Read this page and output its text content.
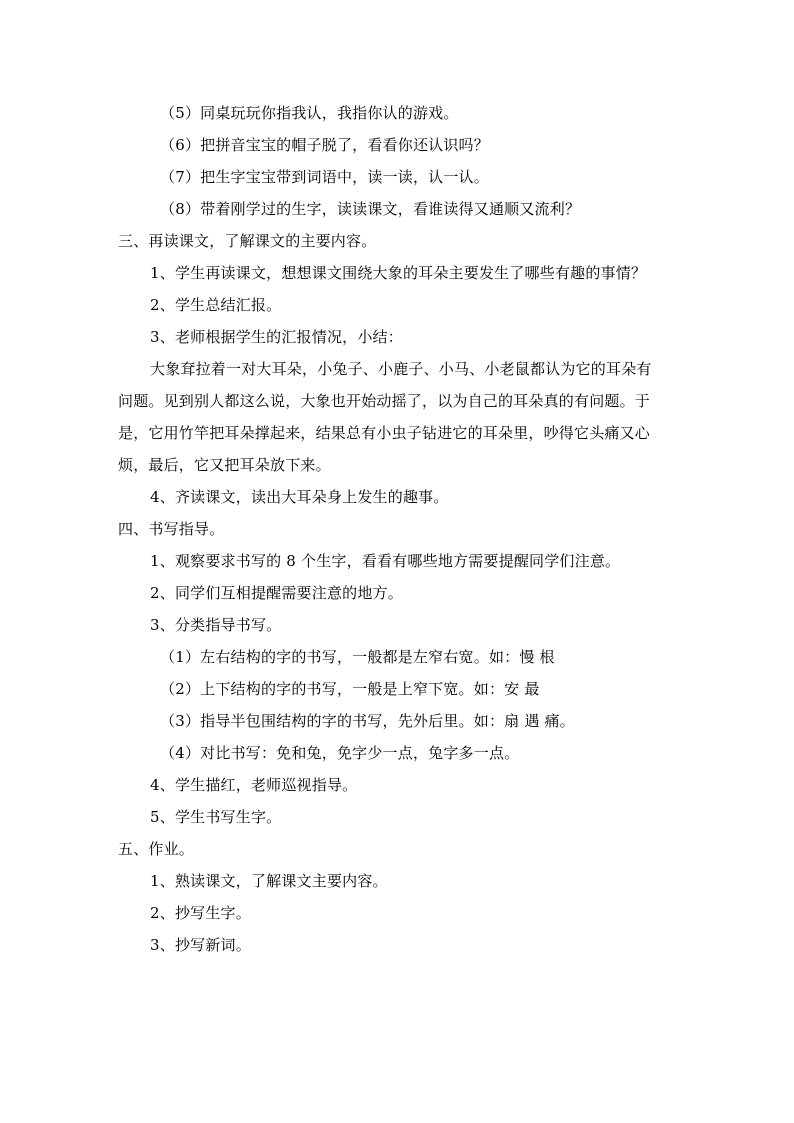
（5）同桌玩玩你指我认，我指你认的游戏。
（6）把拼音宝宝的帽子脱了，看看你还认识吗？
（7）把生字宝宝带到词语中，读一读，认一认。
（8）带着刚学过的生字，读读课文，看谁读得又通顺又流利？
三、再读课文，了解课文的主要内容。
1、学生再读课文，想想课文围绕大象的耳朵主要发生了哪些有趣的事情？
2、学生总结汇报。
3、老师根据学生的汇报情况，小结：
大象耷拉着一对大耳朵，小兔子、小鹿子、小马、小老鼠都认为它的耳朵有
问题。见到别人都这么说，大象也开始动摇了，以为自己的耳朵真的有问题。于
是，它用竹竿把耳朵撑起来，结果总有小虫子钻进它的耳朵里，吵得它头痛又心
烦，最后，它又把耳朵放下来。
4、齐读课文，读出大耳朵身上发生的趣事。
四、书写指导。
1、观察要求书写的 8 个生字，看看有哪些地方需要提醒同学们注意。
2、同学们互相提醒需要注意的地方。
3、分类指导书写。
（1）左右结构的字的书写，一般都是左窄右宽。如：慢 根
（2）上下结构的字的书写，一般是上窄下宽。如：安 最
（3）指导半包围结构的字的书写，先外后里。如：扇 遇 痛。
（4）对比书写：免和兔，免字少一点，兔字多一点。
4、学生描红，老师巡视指导。
5、学生书写生字。
五、作业。
1、熟读课文，了解课文主要内容。
2、抄写生字。
3、抄写新词。
